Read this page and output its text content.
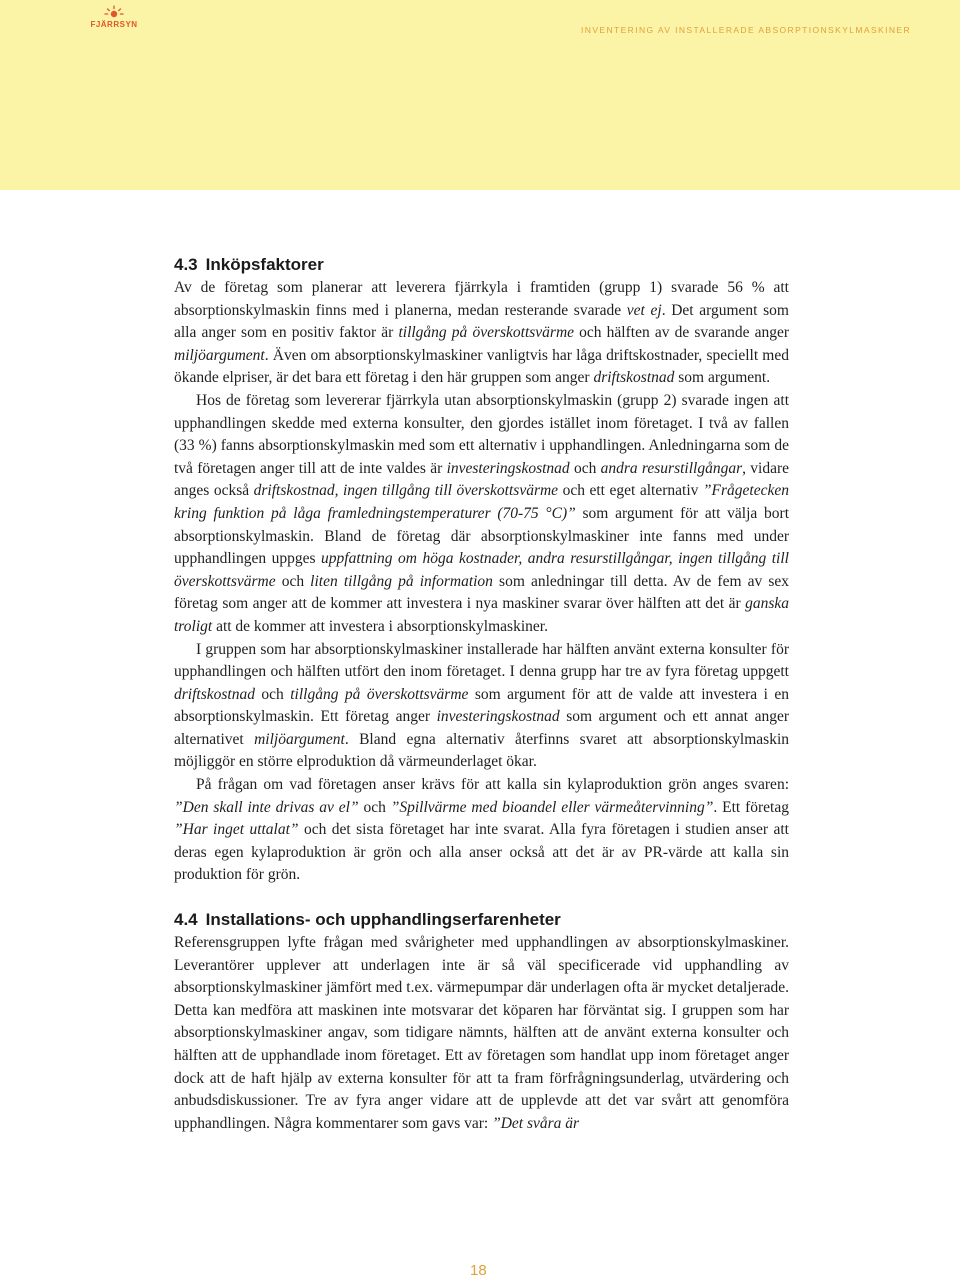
FJÄRRSYN
INVENTERING AV INSTALLERADE ABSORPTIONSKYLMASKINER
4.3 Inköpsfaktorer

Av de företag som planerar att leverera fjärrkyla i framtiden (grupp 1) svarade 56 % att absorptionskylmaskin finns med i planerna, medan resterande svarade vet ej. Det argument som alla anger som en positiv faktor är tillgång på överskottsvärme och hälften av de svarande anger miljöargument. Även om absorptionskylmaskiner vanligtvis har låga driftskostnader, speciellt med ökande elpriser, är det bara ett företag i den här gruppen som anger driftskostnad som argument.

Hos de företag som levererar fjärrkyla utan absorptionskylmaskin (grupp 2) svarade ingen att upphandlingen skedde med externa konsulter, den gjordes istället inom företaget. I två av fallen (33 %) fanns absorptionskylmaskin med som ett alternativ i upphandlingen. Anledningarna som de två företagen anger till att de inte valdes är investeringskostnad och andra resurstillgångar, vidare anges också driftskostnad, ingen tillgång till överskottsvärme och ett eget alternativ ”Frågetecken kring funktion på låga framledningstemperaturer (70-75 °C)” som argument för att välja bort absorptionskylmaskin. Bland de företag där absorptionskylmaskiner inte fanns med under upphandlingen uppges uppfattning om höga kostnader, andra resurstillgångar, ingen tillgång till överskottsvärme och liten tillgång på information som anledningar till detta. Av de fem av sex företag som anger att de kommer att investera i nya maskiner svarar över hälften att det är ganska troligt att de kommer att investera i absorptionskylmaskiner.

I gruppen som har absorptionskylmaskiner installerade har hälften använt externa konsulter för upphandlingen och hälften utfört den inom företaget. I denna grupp har tre av fyra företag uppgett driftskostnad och tillgång på överskottsvärme som argument för att de valde att investera i en absorptionskylmaskin. Ett företag anger investeringskostnad som argument och ett annat anger alternativet miljöargument. Bland egna alternativ återfinns svaret att absorptionskylmaskin möjliggör en större elproduktion då värmeunderlaget ökar.

På frågan om vad företagen anser krävs för att kalla sin kylaproduktion grön anges svaren: ”Den skall inte drivas av el” och ”Spillvärme med bioandel eller värmeåtervinning”. Ett företag ”Har inget uttalat” och det sista företaget har inte svarat. Alla fyra företagen i studien anser att deras egen kylaproduktion är grön och alla anser också att det är av PR-värde att kalla sin produktion för grön.

4.4 Installations- och upphandlingserfarenheter

Referensgruppen lyfte frågan med svårigheter med upphandlingen av absorptionskylmaskiner. Leverantörer upplever att underlagen inte är så väl specificerade vid upphandling av absorptionskylmaskiner jämfört med t.ex. värmepumpar där underlagen ofta är mycket detaljerade. Detta kan medföra att maskinen inte motsvarar det köparen har förväntat sig. I gruppen som har absorptionskylmaskiner angav, som tidigare nämnts, hälften att de använt externa konsulter och hälften att de upphandlade inom företaget. Ett av företagen som handlat upp inom företaget anger dock att de haft hjälp av externa konsulter för att ta fram förfrågningsunderlag, utvärdering och anbudsdiskussioner. Tre av fyra anger vidare att de upplevde att det var svårt att genomföra upphandlingen. Några kommentarer som gavs var: ”Det svåra är

18
